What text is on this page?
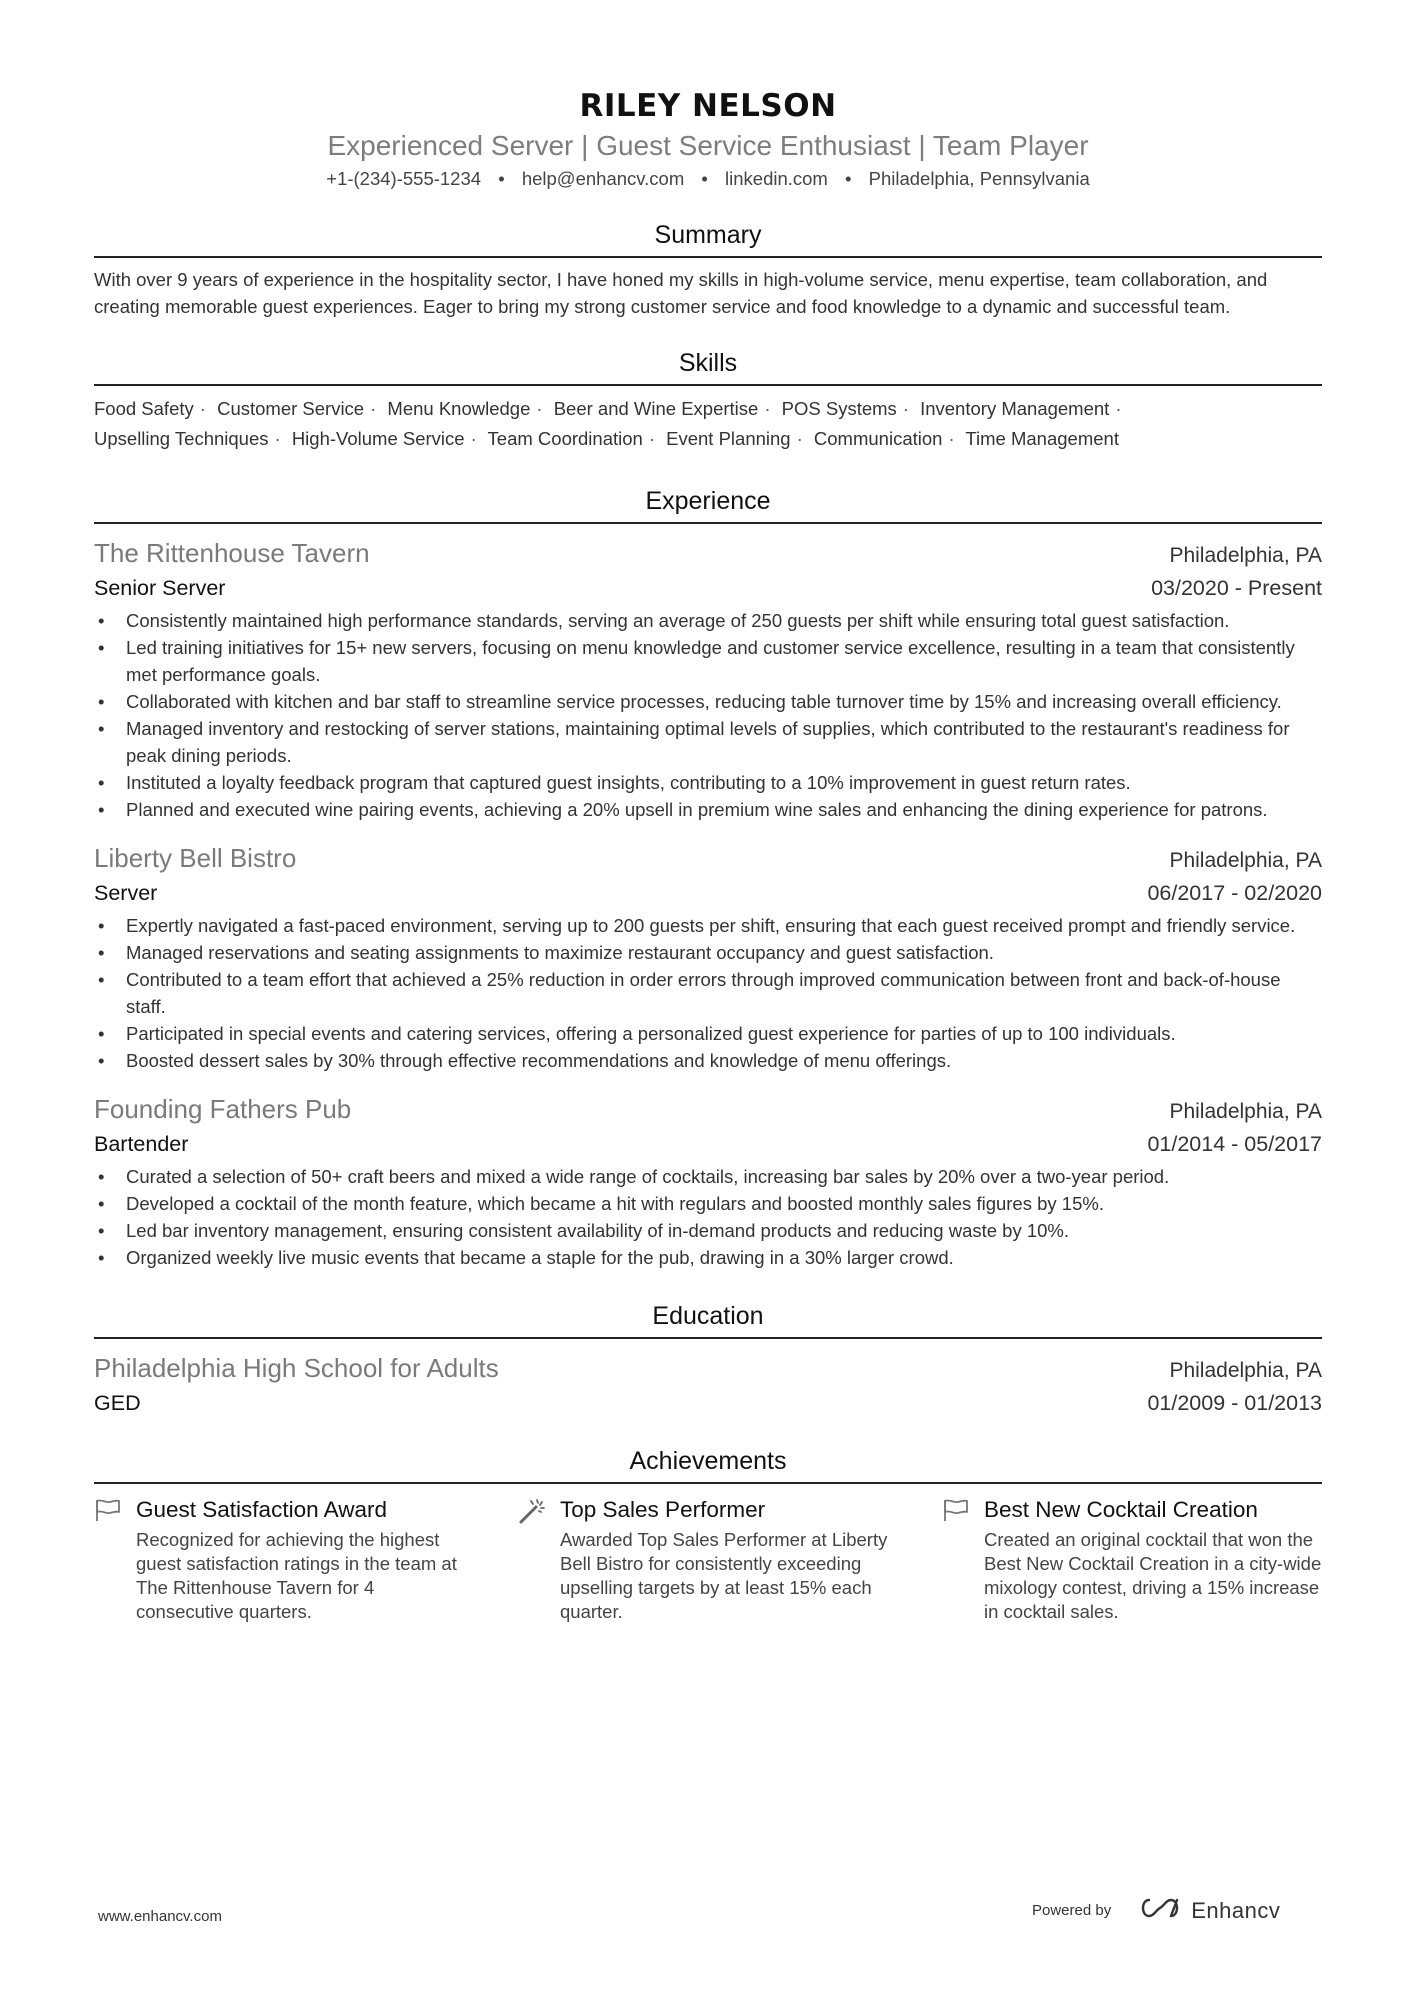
RILEY NELSON
Experienced Server | Guest Service Enthusiast | Team Player
+1-(234)-555-1234 • help@enhancv.com • linkedin.com • Philadelphia, Pennsylvania
Summary
With over 9 years of experience in the hospitality sector, I have honed my skills in high-volume service, menu expertise, team collaboration, and creating memorable guest experiences. Eager to bring my strong customer service and food knowledge to a dynamic and successful team.
Skills
Food Safety · Customer Service · Menu Knowledge · Beer and Wine Expertise · POS Systems · Inventory Management ·
Upselling Techniques · High-Volume Service · Team Coordination · Event Planning · Communication · Time Management
Experience
The Rittenhouse Tavern	Philadelphia, PA
Senior Server	03/2020 - Present
• Consistently maintained high performance standards, serving an average of 250 guests per shift while ensuring total guest satisfaction.
• Led training initiatives for 15+ new servers, focusing on menu knowledge and customer service excellence, resulting in a team that consistently met performance goals.
• Collaborated with kitchen and bar staff to streamline service processes, reducing table turnover time by 15% and increasing overall efficiency.
• Managed inventory and restocking of server stations, maintaining optimal levels of supplies, which contributed to the restaurant's readiness for peak dining periods.
• Instituted a loyalty feedback program that captured guest insights, contributing to a 10% improvement in guest return rates.
• Planned and executed wine pairing events, achieving a 20% upsell in premium wine sales and enhancing the dining experience for patrons.
Liberty Bell Bistro	Philadelphia, PA
Server	06/2017 - 02/2020
• Expertly navigated a fast-paced environment, serving up to 200 guests per shift, ensuring that each guest received prompt and friendly service.
• Managed reservations and seating assignments to maximize restaurant occupancy and guest satisfaction.
• Contributed to a team effort that achieved a 25% reduction in order errors through improved communication between front and back-of-house staff.
• Participated in special events and catering services, offering a personalized guest experience for parties of up to 100 individuals.
• Boosted dessert sales by 30% through effective recommendations and knowledge of menu offerings.
Founding Fathers Pub	Philadelphia, PA
Bartender	01/2014 - 05/2017
• Curated a selection of 50+ craft beers and mixed a wide range of cocktails, increasing bar sales by 20% over a two-year period.
• Developed a cocktail of the month feature, which became a hit with regulars and boosted monthly sales figures by 15%.
• Led bar inventory management, ensuring consistent availability of in-demand products and reducing waste by 10%.
• Organized weekly live music events that became a staple for the pub, drawing in a 30% larger crowd.
Education
Philadelphia High School for Adults	Philadelphia, PA
GED	01/2009 - 01/2013
Achievements
Guest Satisfaction Award
Recognized for achieving the highest guest satisfaction ratings in the team at The Rittenhouse Tavern for 4 consecutive quarters.
Top Sales Performer
Awarded Top Sales Performer at Liberty Bell Bistro for consistently exceeding upselling targets by at least 15% each quarter.
Best New Cocktail Creation
Created an original cocktail that won the Best New Cocktail Creation in a city-wide mixology contest, driving a 15% increase in cocktail sales.
www.enhancv.com	Powered by	Enhancv
